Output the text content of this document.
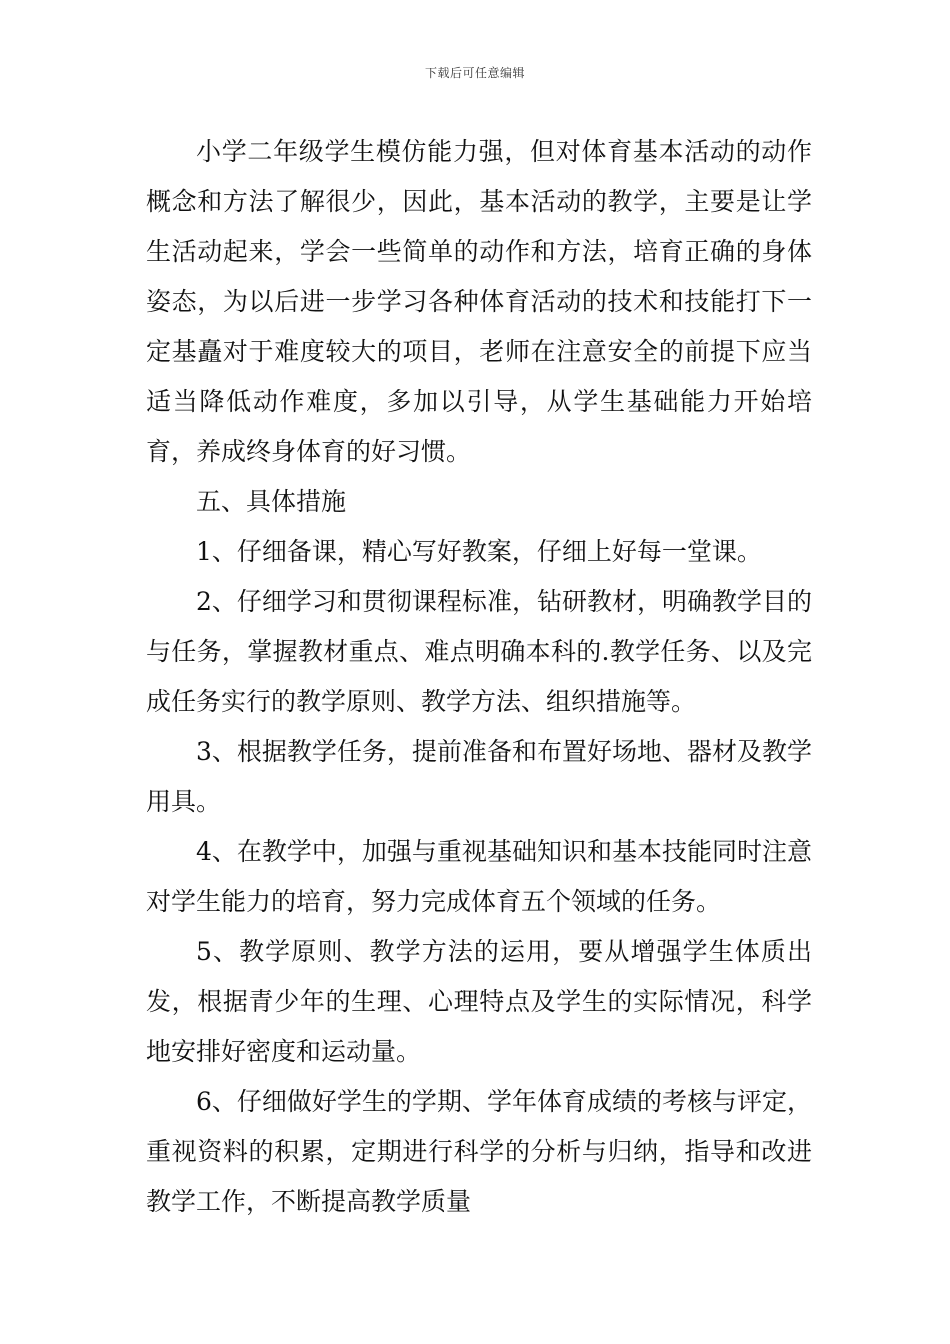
下载后可任意编辑

小学二年级学生模仿能力强，但对体育基本活动的动作概念和方法了解很少，因此，基本活动的教学，主要是让学生活动起来，学会一些简单的动作和方法，培育正确的身体姿态，为以后进一步学习各种体育活动的技术和技能打下一定基矗对于难度较大的项目，老师在注意安全的前提下应当适当降低动作难度，多加以引导，从学生基础能力开始培育，养成终身体育的好习惯。

五、具体措施

1、仔细备课，精心写好教案，仔细上好每一堂课。

2、仔细学习和贯彻课程标准，钻研教材，明确教学目的与任务，掌握教材重点、难点明确本科的.教学任务、以及完成任务实行的教学原则、教学方法、组织措施等。

3、根据教学任务，提前准备和布置好场地、器材及教学用具。

4、在教学中，加强与重视基础知识和基本技能同时注意对学生能力的培育，努力完成体育五个领域的任务。

5、教学原则、教学方法的运用，要从增强学生体质出发，根据青少年的生理、心理特点及学生的实际情况，科学地安排好密度和运动量。

6、仔细做好学生的学期、学年体育成绩的考核与评定，重视资料的积累，定期进行科学的分析与归纳，指导和改进教学工作，不断提高教学质量
